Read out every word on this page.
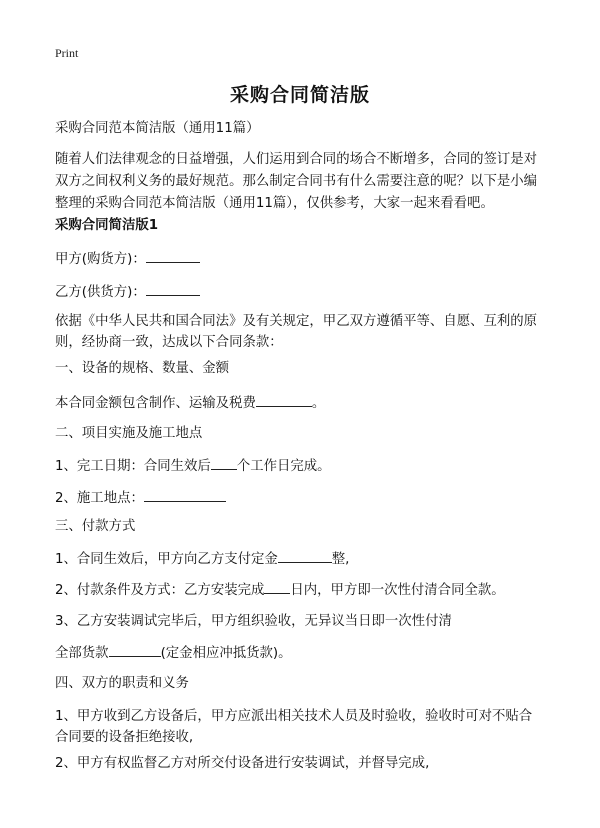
Print
采购合同简洁版
采购合同范本简洁版（通用11篇）
随着人们法律观念的日益增强，人们运用到合同的场合不断增多，合同的签订是对
双方之间权利义务的最好规范。那么制定合同书有什么需要注意的呢？以下是小编
整理的采购合同范本简洁版（通用11篇），仅供参考，大家一起来看看吧。
采购合同简洁版1
甲方(购货方)：
乙方(供货方)：
依据《中华人民共和国合同法》及有关规定，甲乙双方遵循平等、自愿、互利的原
则，经协商一致，达成以下合同条款：
一、设备的规格、数量、金额
本合同金额包含制作、运输及税费	。
二、项目实施及施工地点
1、完工日期：合同生效后 个工作日完成。
2、施工地点：
三、付款方式
1、合同生效后，甲方向乙方支付定金	整,
2、付款条件及方式：乙方安装完成 日内，甲方即一次性付清合同全款。
3、乙方安装调试完毕后，甲方组织验收，无异议当日即一次性付清
全部货款	(定金相应冲抵货款)。
四、双方的职责和义务
1、甲方收到乙方设备后，甲方应派出相关技术人员及时验收，验收时可对不贴合
合同要的设备拒绝接收,
2、甲方有权监督乙方对所交付设备进行安装调试，并督导完成,
